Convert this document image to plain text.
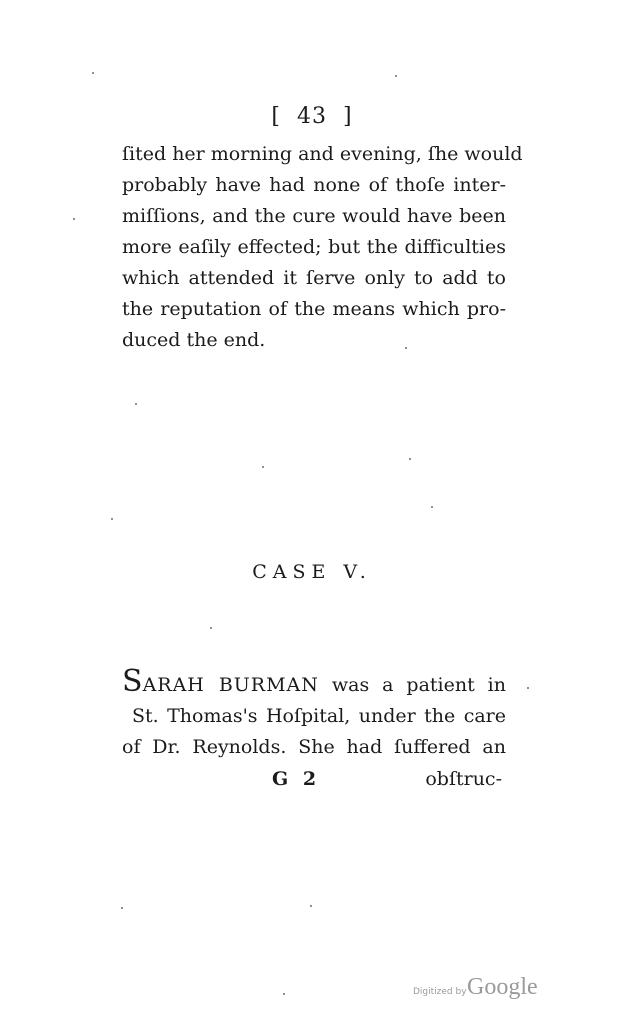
[  43  ]
ſited her morning and evening, ſhe would
probably have had none of thoſe inter-
miſſions, and the cure would have been
more eaſily effected; but the difficulties
which attended it ſerve only to add to
the reputation of the means which pro-
duced the end.
CASE V.
SARAH BURMAN was a patient in
St. Thomas's Hoſpital, under the care
of Dr. Reynolds. She had ſuffered an
G 2	obſtruc-
Digitized by Google
